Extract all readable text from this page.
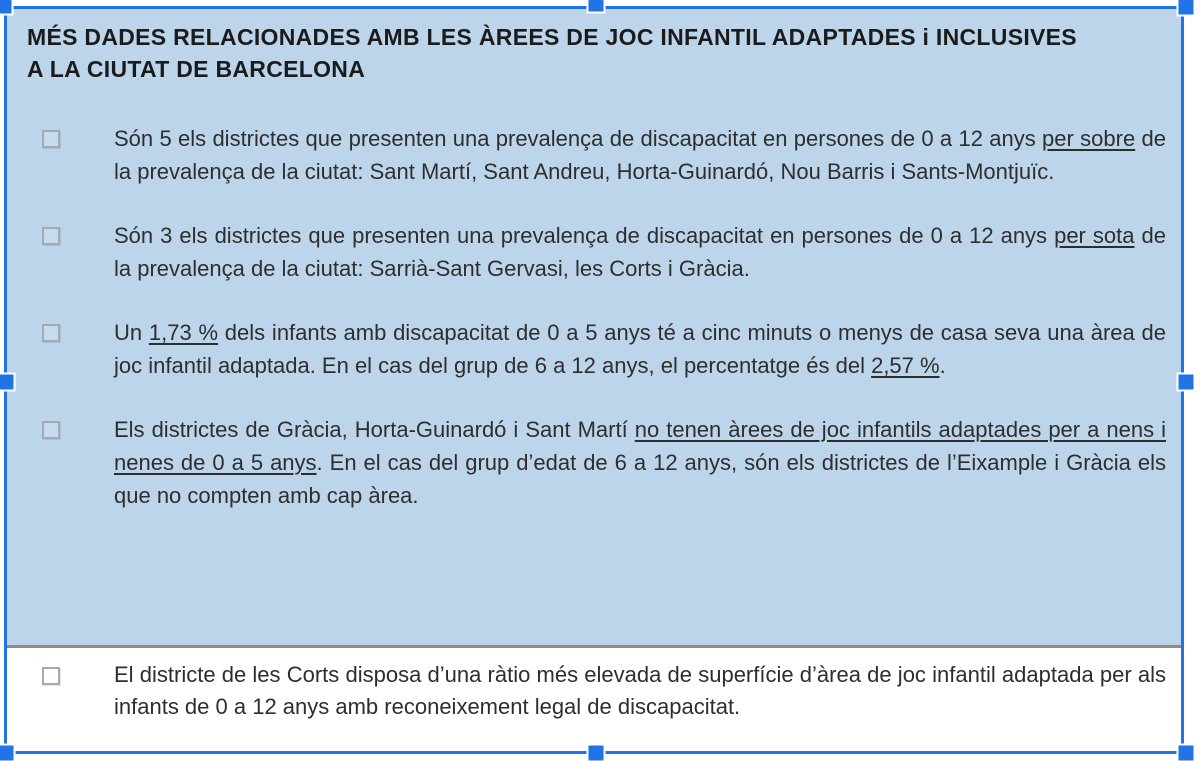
MÉS DADES RELACIONADES AMB LES ÀREES DE JOC INFANTIL ADAPTADES i INCLUSIVES A LA CIUTAT DE BARCELONA

Són 5 els districtes que presenten una prevalença de discapacitat en persones de 0 a 12 anys per sobre de la prevalença de la ciutat: Sant Martí, Sant Andreu, Horta-Guinardó, Nou Barris i Sants-Montjuïc.

Són 3 els districtes que presenten una prevalença de discapacitat en persones de 0 a 12 anys per sota de la prevalença de la ciutat: Sarrià-Sant Gervasi, les Corts i Gràcia.

Un 1,73 % dels infants amb discapacitat de 0 a 5 anys té a cinc minuts o menys de casa seva una àrea de joc infantil adaptada. En el cas del grup de 6 a 12 anys, el percentatge és del 2,57 %.

Els districtes de Gràcia, Horta-Guinardó i Sant Martí no tenen àrees de joc infantils adaptades per a nens i nenes de 0 a 5 anys. En el cas del grup d’edat de 6 a 12 anys, són els districtes de l’Eixample i Gràcia els que no compten amb cap àrea.

El districte de les Corts disposa d’una ràtio més elevada de superfície d’àrea de joc infantil adaptada per als infants de 0 a 12 anys amb reconeixement legal de discapacitat.
